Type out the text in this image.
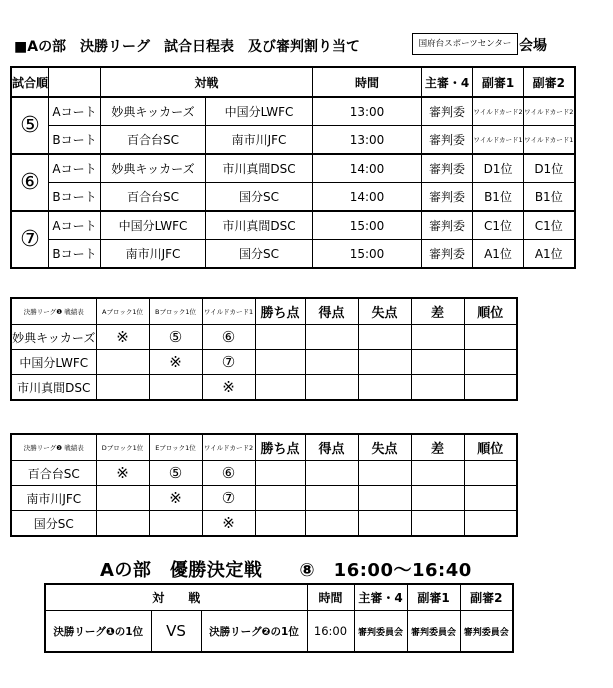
■Aの部　決勝リーグ　試合日程表　及び審判割り当て	国府台スポーツセンター 会場
試合順		対戦		時間	主審・4	副審1	副審2
⑤	Aコート	妙典キッカーズ	中国分LWFC	13:00	審判委	ワイルドカード2	ワイルドカード2
	Bコート	百合台SC	南市川JFC	13:00	審判委	ワイルドカード1	ワイルドカード1
⑥	Aコート	妙典キッカーズ	市川真間DSC	14:00	審判委	D1位	D1位
	Bコート	百合台SC	国分SC	14:00	審判委	B1位	B1位
⑦	Aコート	中国分LWFC	市川真間DSC	15:00	審判委	C1位	C1位
	Bコート	南市川JFC	国分SC	15:00	審判委	A1位	A1位
決勝リーグ❶ 戦績表	Aブロック1位	Bブロック1位	ワイルドカード1	勝ち点	得点	失点	差	順位
妙典キッカーズ	※	⑤	⑥					
中国分LWFC		※	⑦					
市川真間DSC			※					
決勝リーグ❷ 戦績表	Dブロック1位	Eブロック1位	ワイルドカード2	勝ち点	得点	失点	差	順位
百合台SC	※	⑤	⑥					
南市川JFC		※	⑦					
国分SC			※					
Aの部　優勝決定戦　　⑧　16:00〜16:40
対　　戦			時間	主審・4	副審1	副審2
決勝リーグ❶の1位	VS	決勝リーグ❷の1位	16:00	審判委員会	審判委員会	審判委員会
